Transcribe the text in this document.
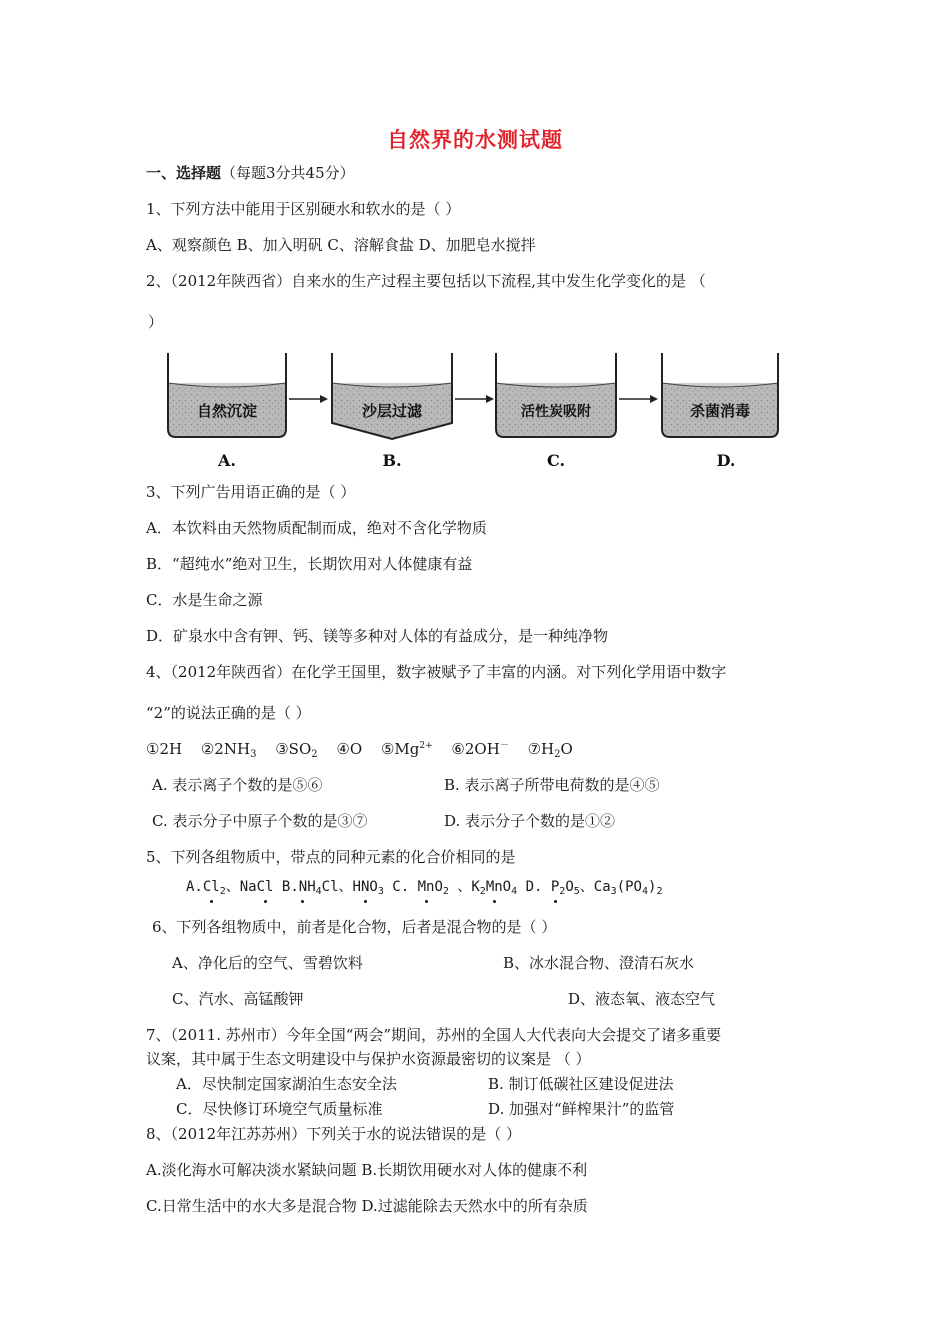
自然界的水测试题
一、选择题（每题3分共45分）
1、下列方法中能用于区别硬水和软水的是（ ）
A、观察颜色 B、加入明矾 C、溶解食盐 D、加肥皂水搅拌
2、（2012年陕西省）自来水的生产过程主要包括以下流程,其中发生化学变化的是 （
）
自然沉淀
A.
沙层过滤
B.
活性炭吸附
C.
杀菌消毒
D.
3、下列广告用语正确的是（ ）
A．本饮料由天然物质配制而成，绝对不含化学物质
B．“超纯水”绝对卫生，长期饮用对人体健康有益
C．水是生命之源
D．矿泉水中含有钾、钙、镁等多种对人体的有益成分，是一种纯净物
4、（2012年陕西省）在化学王国里，数字被赋予了丰富的内涵。对下列化学用语中数字
“2”的说法正确的是（ ）
①2H $②2NH_3$ $③SO_2$ ④O $⑤Mg^{2+}$ ⑥2OH－ $⑦H_2O$
A. 表示离子个数的是⑤⑥	B. 表示离子所带电荷数的是④⑤
C. 表示分子中原子个数的是③⑦	D. 表示分子个数的是①②
5、下列各组物质中，带点的同种元素的化合价相同的是
$A.Cl_2$、NaCl $B.NH_4Cl$、$HNO_3$ C. MnO$_2$ 、$K_2MnO_4$ D. $P_2O_5$、$Ca_3(PO_4)_2$
6、下列各组物质中，前者是化合物，后者是混合物的是（ ）
A、净化后的空气、雪碧饮料	B、冰水混合物、澄清石灰水
C、汽水、高锰酸钾	D、液态氧、液态空气
7、（2011. 苏州市）今年全国“两会”期间，苏州的全国人大代表向大会提交了诸多重要
议案，其中属于生态文明建设中与保护水资源最密切的议案是 （ ）
A．尽快制定国家湖泊生态安全法	B. 制订低碳社区建设促进法
C．尽快修订环境空气质量标准	D. 加强对“鲜榨果汁”的监管
8、（2012年江苏苏州）下列关于水的说法错误的是（ ）
A.淡化海水可解决淡水紧缺问题 B.长期饮用硬水对人体的健康不利
C.日常生活中的水大多是混合物 D.过滤能除去天然水中的所有杂质
